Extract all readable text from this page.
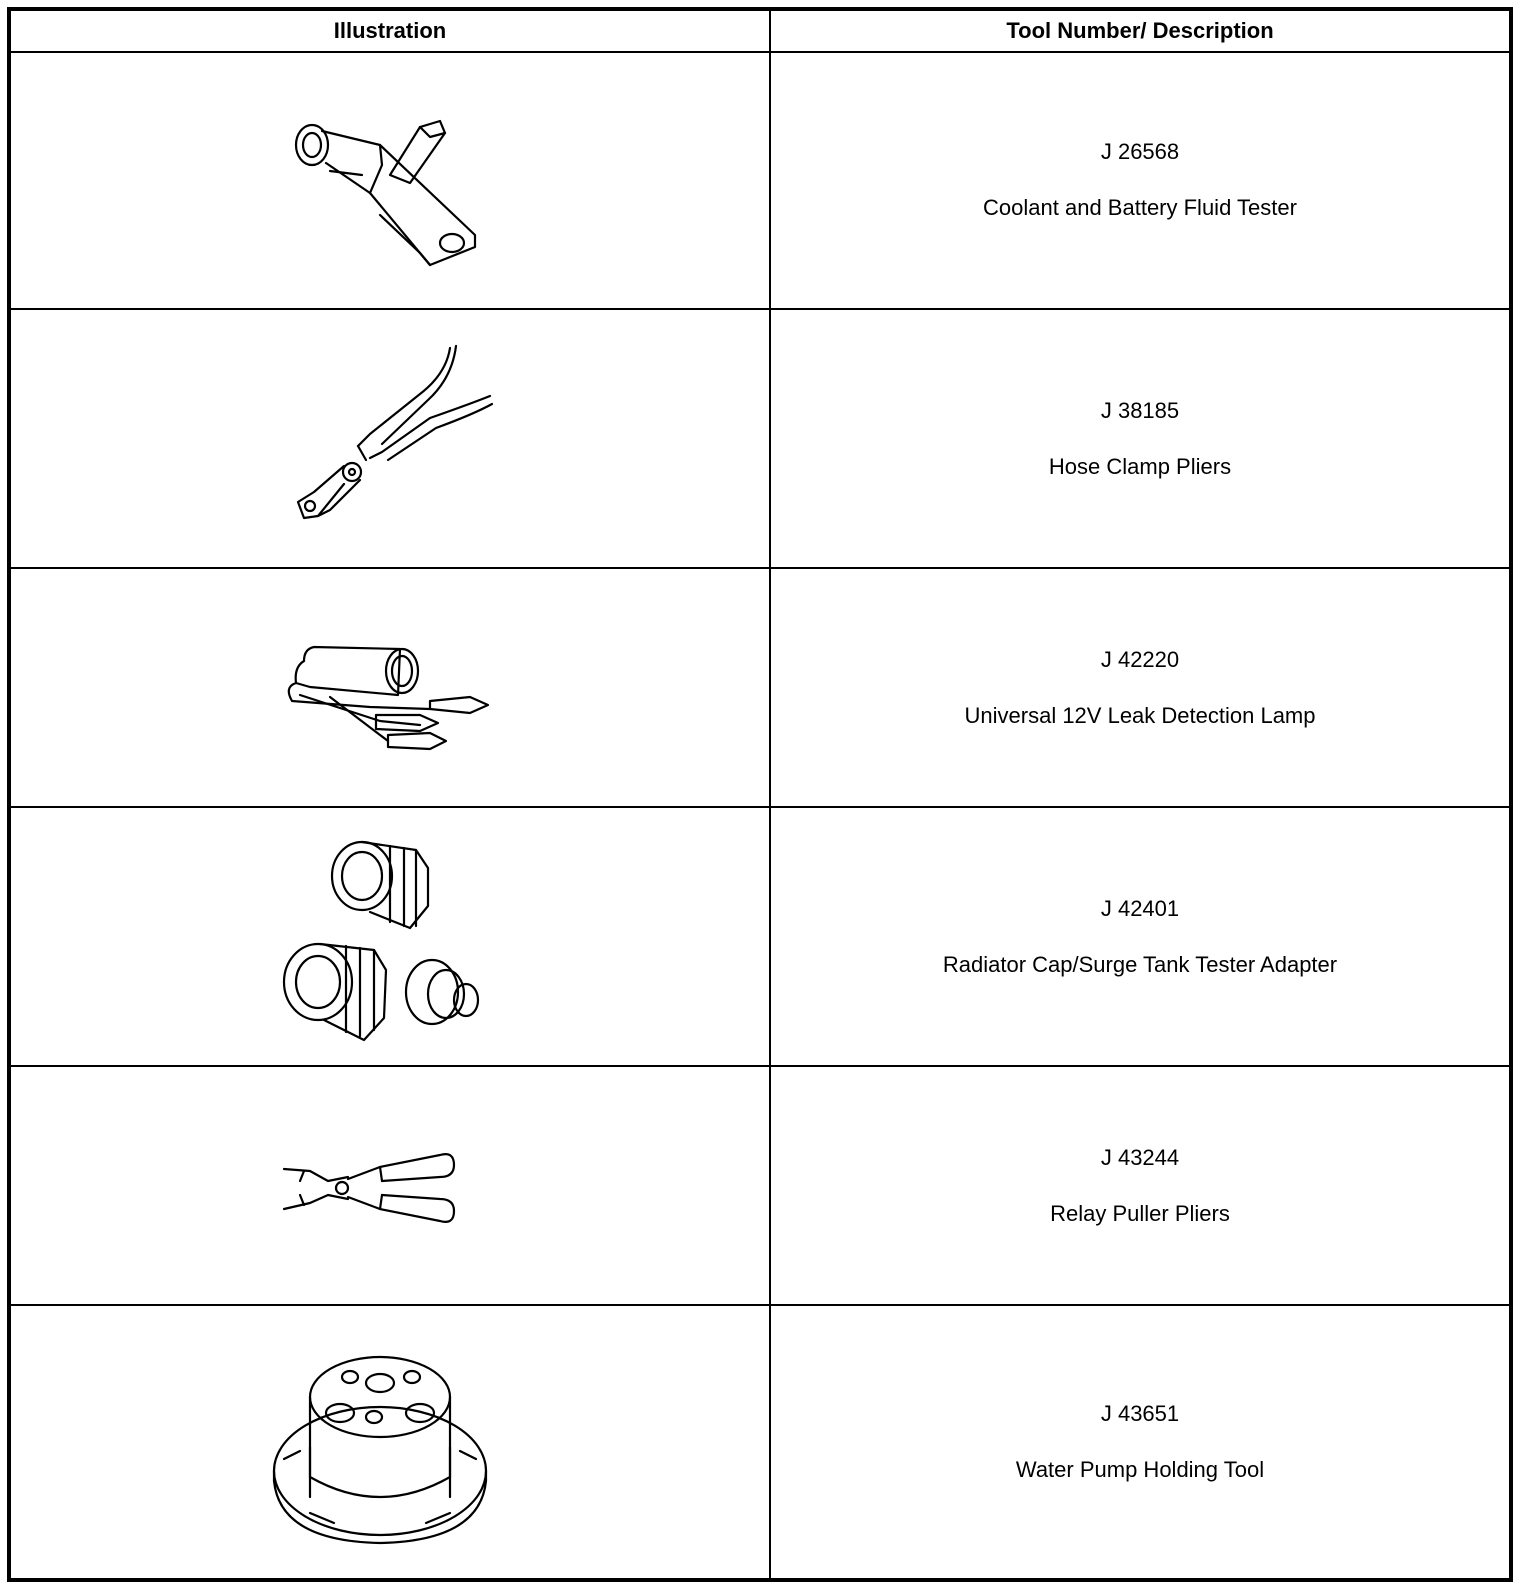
Illustration	Tool Number/ Description
J 26568
Coolant and Battery Fluid Tester
J 38185
Hose Clamp Pliers
J 42220
Universal 12V Leak Detection Lamp
J 42401
Radiator Cap/Surge Tank Tester Adapter
J 43244
Relay Puller Pliers
J 43651
Water Pump Holding Tool
